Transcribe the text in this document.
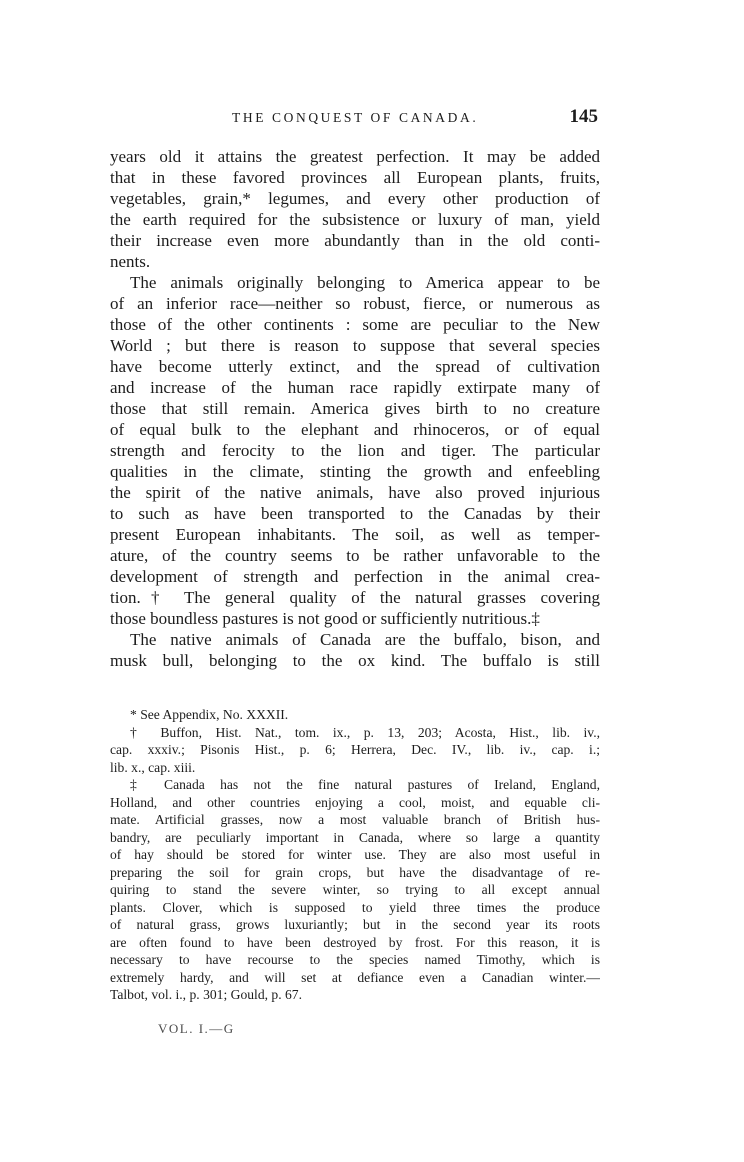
THE CONQUEST OF CANADA.	145
years old it attains the greatest perfection. It may be added
that in these favored provinces all European plants, fruits,
vegetables, grain,* legumes, and every other production of
the earth required for the subsistence or luxury of man, yield
their increase even more abundantly than in the old conti-
nents.
The animals originally belonging to America appear to be
of an inferior race—neither so robust, fierce, or numerous as
those of the other continents : some are peculiar to the New
World ; but there is reason to suppose that several species
have become utterly extinct, and the spread of cultivation
and increase of the human race rapidly extirpate many of
those that still remain. America gives birth to no creature
of equal bulk to the elephant and rhinoceros, or of equal
strength and ferocity to the lion and tiger. The particular
qualities in the climate, stinting the growth and enfeebling
the spirit of the native animals, have also proved injurious
to such as have been transported to the Canadas by their
present European inhabitants. The soil, as well as temper-
ature, of the country seems to be rather unfavorable to the
development of strength and perfection in the animal crea-
tion.† The general quality of the natural grasses covering
those boundless pastures is not good or sufficiently nutritious.‡
The native animals of Canada are the buffalo, bison, and
musk bull, belonging to the ox kind. The buffalo is still
* See Appendix, No. XXXII.
† Buffon, Hist. Nat., tom. ix., p. 13, 203; Acosta, Hist., lib. iv.,
cap. xxxiv.; Pisonis Hist., p. 6; Herrera, Dec. IV., lib. iv., cap. i.;
lib. x., cap. xiii.
‡ Canada has not the fine natural pastures of Ireland, England,
Holland, and other countries enjoying a cool, moist, and equable cli-
mate. Artificial grasses, now a most valuable branch of British hus-
bandry, are peculiarly important in Canada, where so large a quantity
of hay should be stored for winter use. They are also most useful in
preparing the soil for grain crops, but have the disadvantage of re-
quiring to stand the severe winter, so trying to all except annual
plants. Clover, which is supposed to yield three times the produce
of natural grass, grows luxuriantly; but in the second year its roots
are often found to have been destroyed by frost. For this reason, it is
necessary to have recourse to the species named Timothy, which is
extremely hardy, and will set at defiance even a Canadian winter.—
Talbot, vol. i., p. 301; Gould, p. 67.
VOL. I.—G
